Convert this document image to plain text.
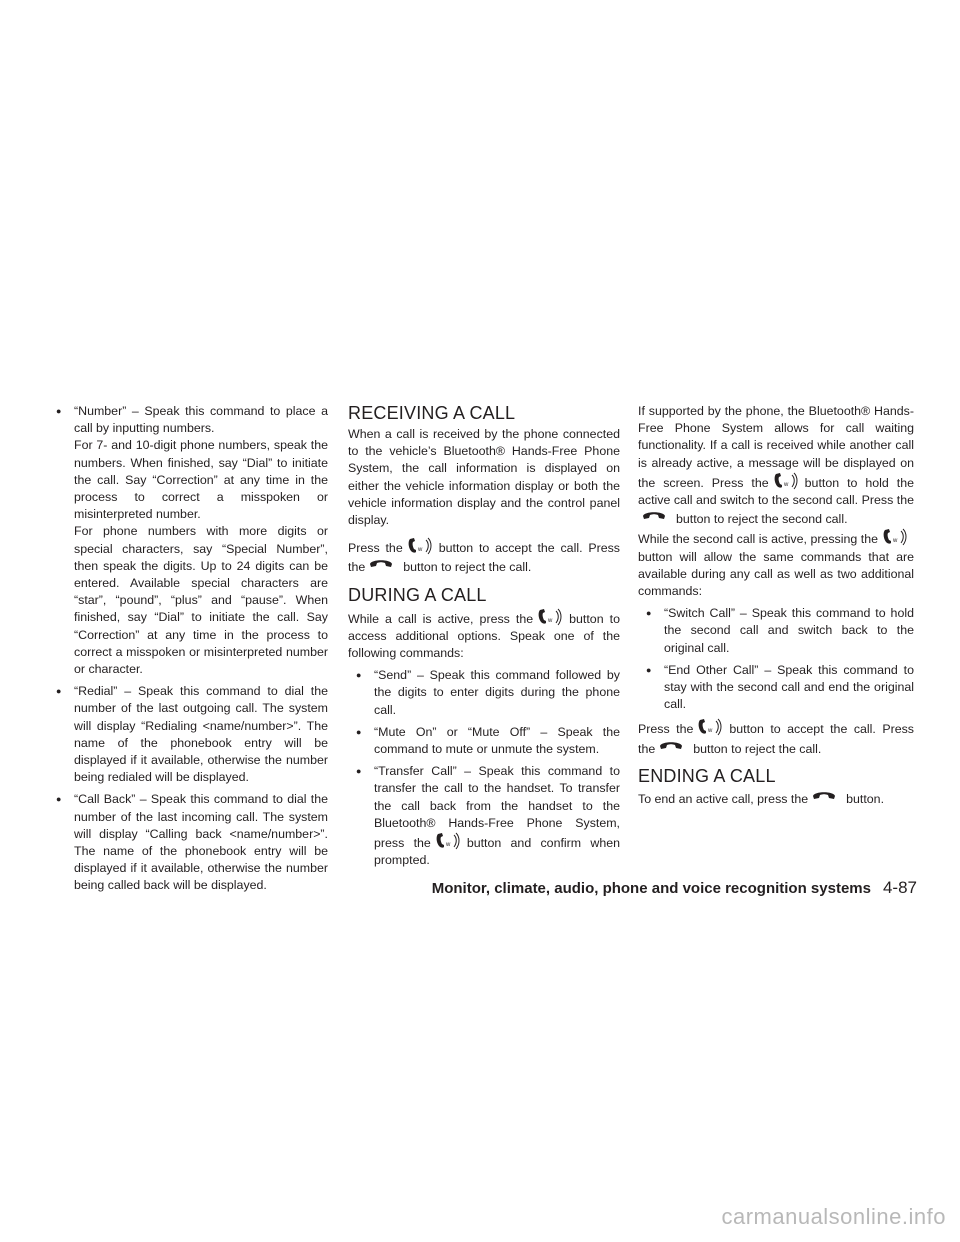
● “Number” – Speak this command to place a call by inputting numbers.

For 7- and 10-digit phone numbers, speak the numbers. When finished, say “Dial” to initiate the call. Say “Correction” at any time in the process to correct a misspoken or misinterpreted number.

For phone numbers with more digits or special characters, say “Special Number”, then speak the digits. Up to 24 digits can be entered. Available special characters are “star”, “pound”, “plus” and “pause”. When finished, say “Dial” to initiate the call. Say “Correction” at any time in the process to correct a misspoken or misinterpreted number or character.

● “Redial” – Speak this command to dial the number of the last outgoing call. The system will display “Redialing <name/number>”. The name of the phonebook entry will be displayed if it available, otherwise the number being redialed will be displayed.
● “Call Back” – Speak this command to dial the number of the last incoming call. The system will display “Calling back <name/number>”. The name of the phonebook entry will be displayed if it available, otherwise the number being called back will be displayed.
RECEIVING A CALL

When a call is received by the phone connected to the vehicle’s Bluetooth® Hands-Free Phone System, the call information is displayed on either the vehicle information display or both the vehicle information display and the control panel display.

Press the	button to accept the call. Press the	button to reject the call.

DURING A CALL

While a call is active, press the	button to access additional options. Speak one of the following commands:

● “Send” – Speak this command followed by the digits to enter digits during the phone call.
● “Mute On” or “Mute Off” – Speak the command to mute or unmute the system.
● “Transfer Call” – Speak this command to transfer the call to the handset. To transfer the call back from the handset to the Bluetooth® Hands-Free Phone System, press the	button and confirm when prompted.

If supported by the phone, the Bluetooth® Hands-Free Phone System allows for call waiting functionality. If a call is received while another call is already active, a message will be displayed on the screen. Press the	button to hold the active call and switch to the second call. Press thebutton to reject the second call.

While the second call is active, pressing thebutton will allow the same commands that are available during any call as well as two additional commands:

● “Switch Call” – Speak this command to hold the second call and switch back to the original call.
● “End Other Call” – Speak this command to stay with the second call and end the original call.

Press the	button to accept the call. Press the	button to reject the call.

ENDING A CALL

To end an active call, press the	button.

Monitor, climate, audio, phone and voice recognition systems 4-87
carmanualsonline.info
